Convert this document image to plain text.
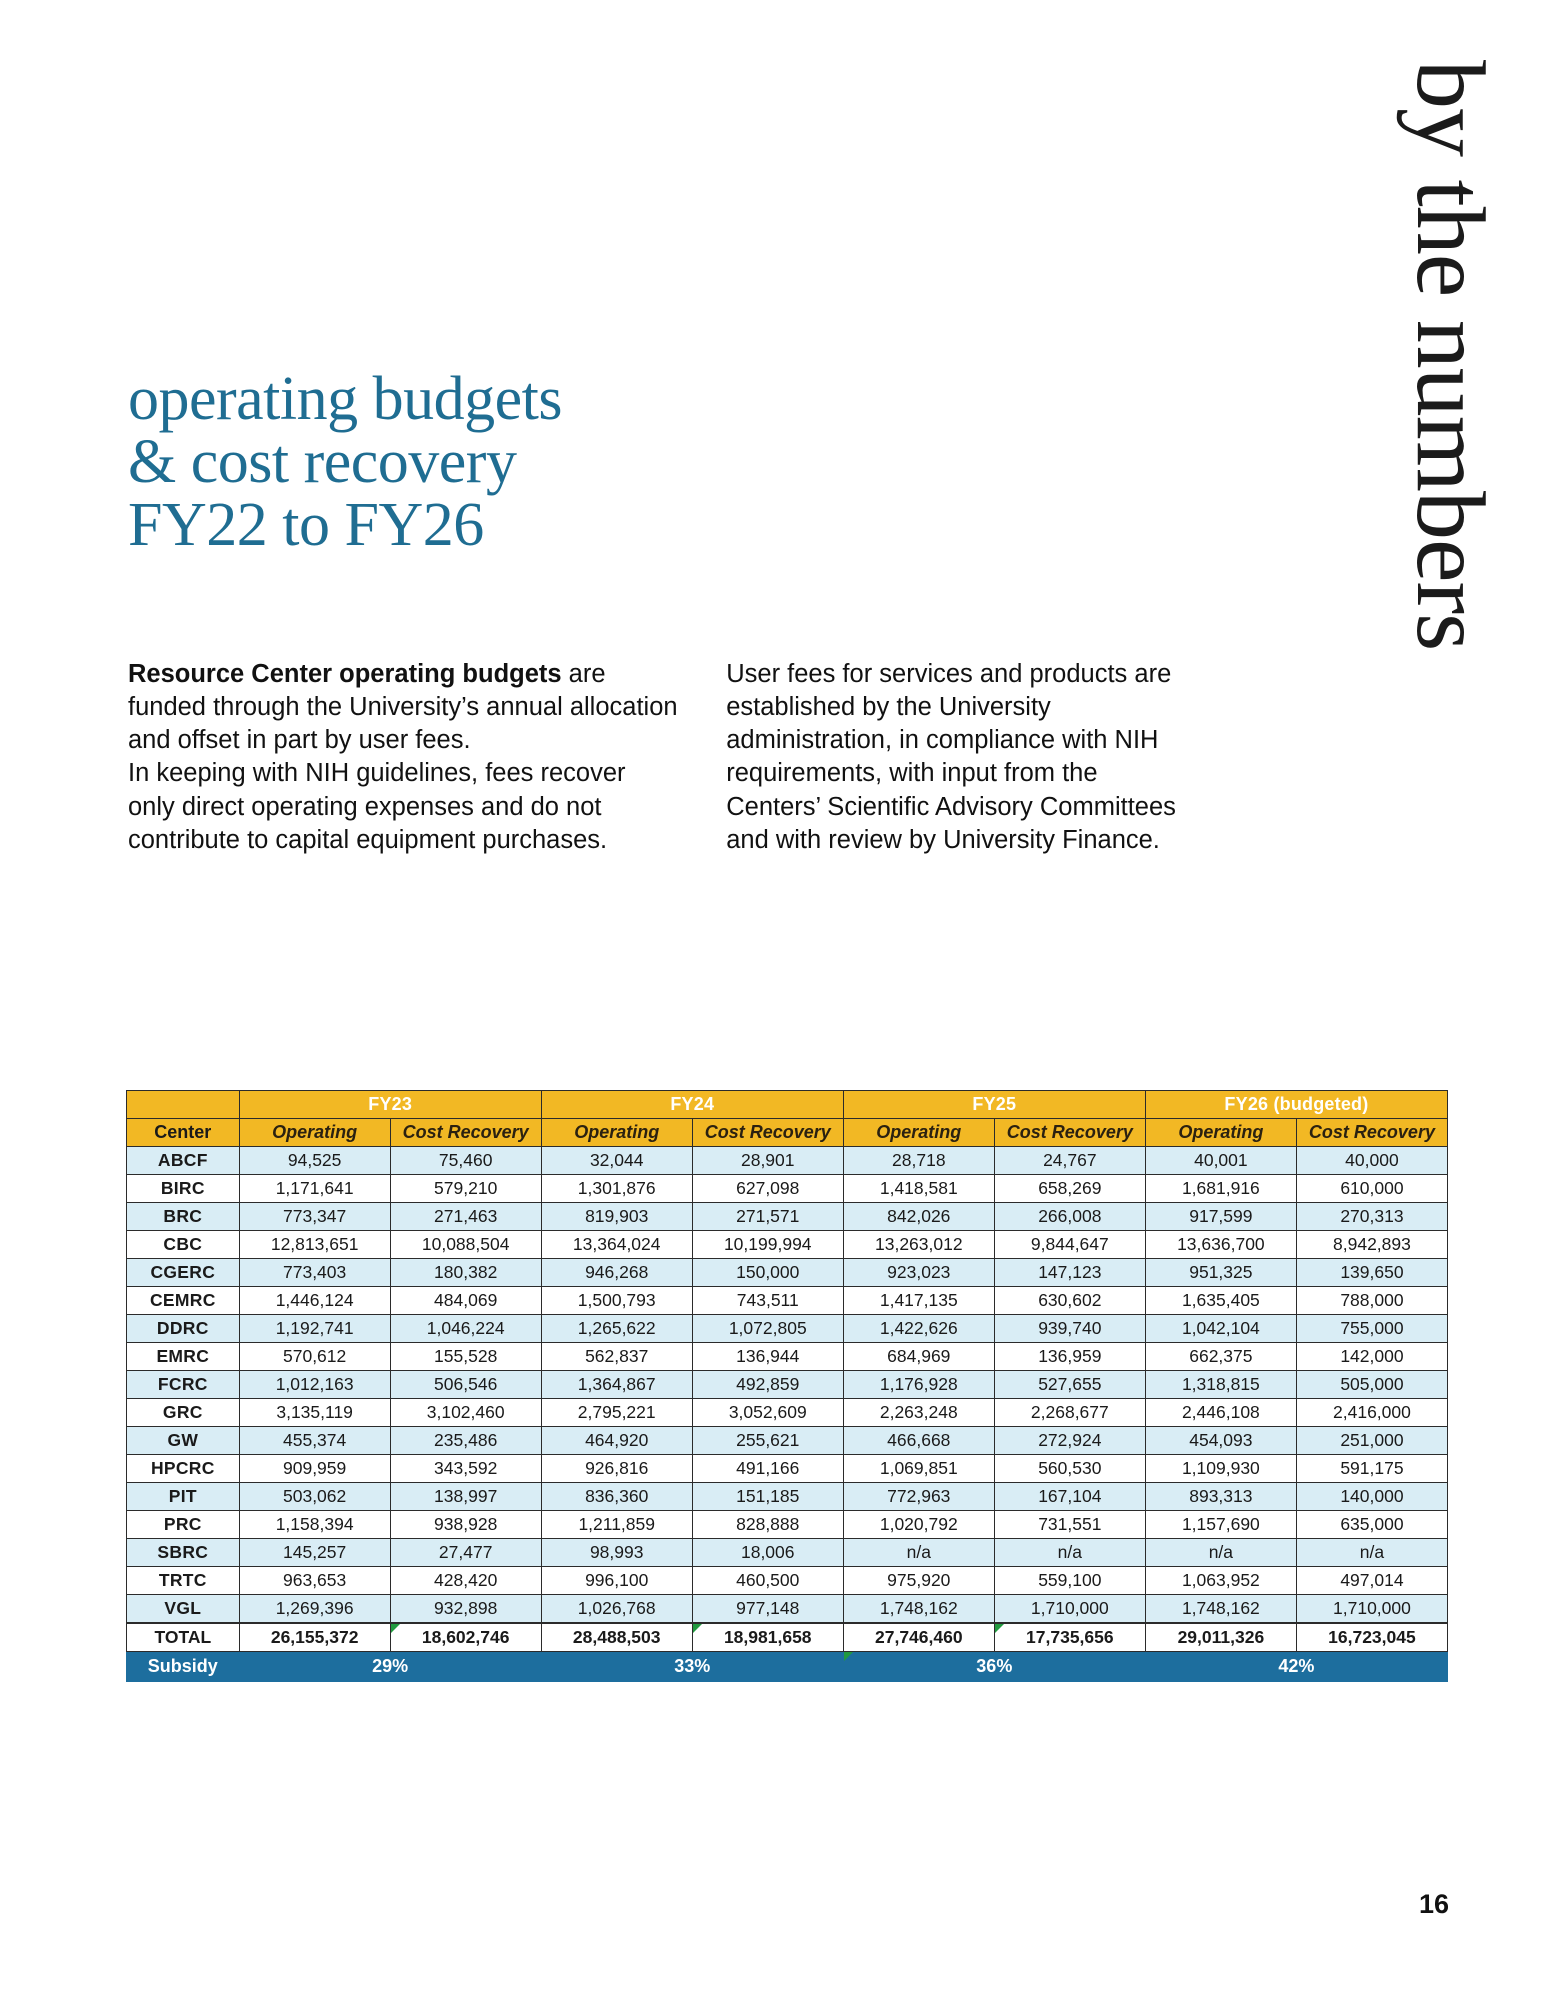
by the numbers
operating budgets
& cost recovery
FY22 to FY26

Resource Center operating budgets are funded through the University’s annual allocation and offset in part by user fees.

In keeping with NIH guidelines, fees recover only direct operating expenses and do not contribute to capital equipment purchases.

User fees for services and products are established by the University administration, in compliance with NIH requirements, with input from the Centers’ Scientific Advisory Committees and with review by University Finance.

	FY23		FY24		FY25		FY26 (budgeted)	
Center	Operating	Cost Recovery	Operating	Cost Recovery	Operating	Cost Recovery	Operating	Cost Recovery
ABCF	94,525	75,460	32,044	28,901	28,718	24,767	40,001	40,000
BIRC	1,171,641	579,210	1,301,876	627,098	1,418,581	658,269	1,681,916	610,000
BRC	773,347	271,463	819,903	271,571	842,026	266,008	917,599	270,313
CBC	12,813,651	10,088,504	13,364,024	10,199,994	13,263,012	9,844,647	13,636,700	8,942,893
CGERC	773,403	180,382	946,268	150,000	923,023	147,123	951,325	139,650
CEMRC	1,446,124	484,069	1,500,793	743,511	1,417,135	630,602	1,635,405	788,000
DDRC	1,192,741	1,046,224	1,265,622	1,072,805	1,422,626	939,740	1,042,104	755,000
EMRC	570,612	155,528	562,837	136,944	684,969	136,959	662,375	142,000
FCRC	1,012,163	506,546	1,364,867	492,859	1,176,928	527,655	1,318,815	505,000
GRC	3,135,119	3,102,460	2,795,221	3,052,609	2,263,248	2,268,677	2,446,108	2,416,000
GW	455,374	235,486	464,920	255,621	466,668	272,924	454,093	251,000
HPCRC	909,959	343,592	926,816	491,166	1,069,851	560,530	1,109,930	591,175
PIT	503,062	138,997	836,360	151,185	772,963	167,104	893,313	140,000
PRC	1,158,394	938,928	1,211,859	828,888	1,020,792	731,551	1,157,690	635,000
SBRC	145,257	27,477	98,993	18,006	n/a	n/a	n/a	n/a
TRTC	963,653	428,420	996,100	460,500	975,920	559,100	1,063,952	497,014
VGL	1,269,396	932,898	1,026,768	977,148	1,748,162	1,710,000	1,748,162	1,710,000
TOTAL	26,155,372	18,602,746	28,488,503	18,981,658	27,746,460	17,735,656	29,011,326	16,723,045
Subsidy	29%		33%		36%		42%	
16
